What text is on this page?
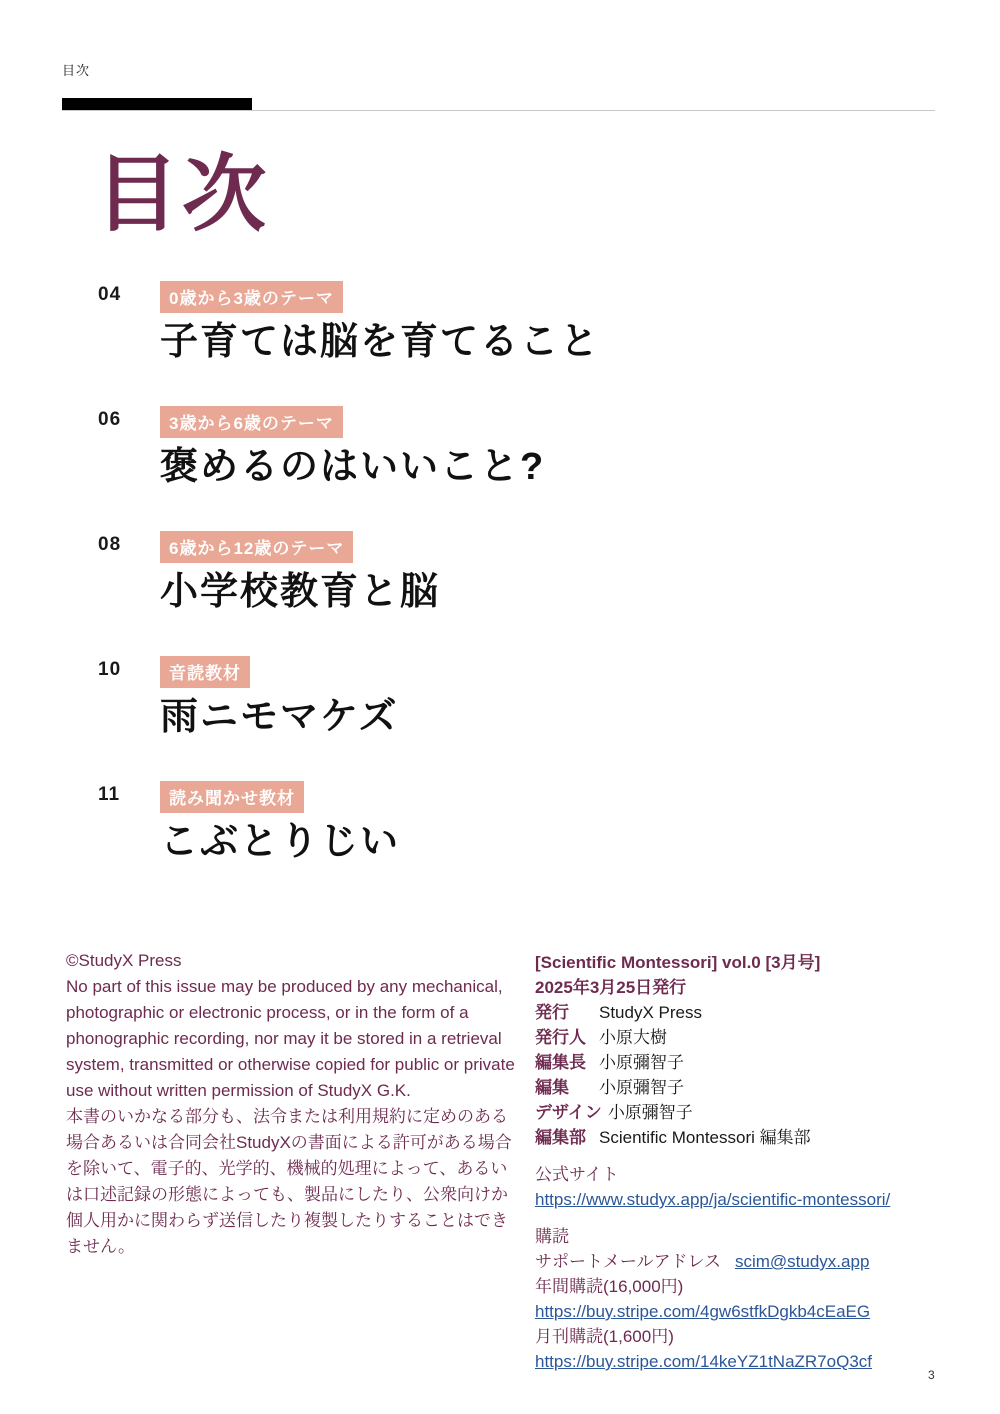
目次
目次
04	0歳から3歳のテーマ
子育ては脳を育てること
06	3歳から6歳のテーマ
褒めるのはいいこと?
08	6歳から12歳のテーマ
小学校教育と脳
10	音読教材
雨ニモマケズ
11	読み聞かせ教材
こぶとりじい

©StudyX Press

No part of this issue may be produced by any mechanical, photographic or electronic process, or in the form of a phonographic recording, nor may it be stored in a retrieval system, transmitted or otherwise copied for public or private use without written permission of StudyX G.K.

本書のいかなる部分も、法令または利用規約に定めのある場合あるいは合同会社StudyXの書面による許可がある場合を除いて、電子的、光学的、機械的処理によって、あるいは口述記録の形態によっても、製品にしたり、公衆向けか個人用かに関わらず送信したり複製したりすることはできません。

[Scientific Montessori] vol.0 [3月号]
2025年3月25日発行
発行	StudyX Press
発行人 小原大樹
編集長 小原彌智子
編集	小原彌智子
デザイン 小原彌智子
編集部 Scientific Montessori 編集部
公式サイト
https://www.studyx.app/ja/scientific-montessori/
購読
サポートメールアドレス scim@studyx.app
年間購読(16,000円)
https://buy.stripe.com/4gw6stfkDgkb4cEaEG
月刊購読(1,600円)
https://buy.stripe.com/14keYZ1tNaZR7oQ3cf
3
